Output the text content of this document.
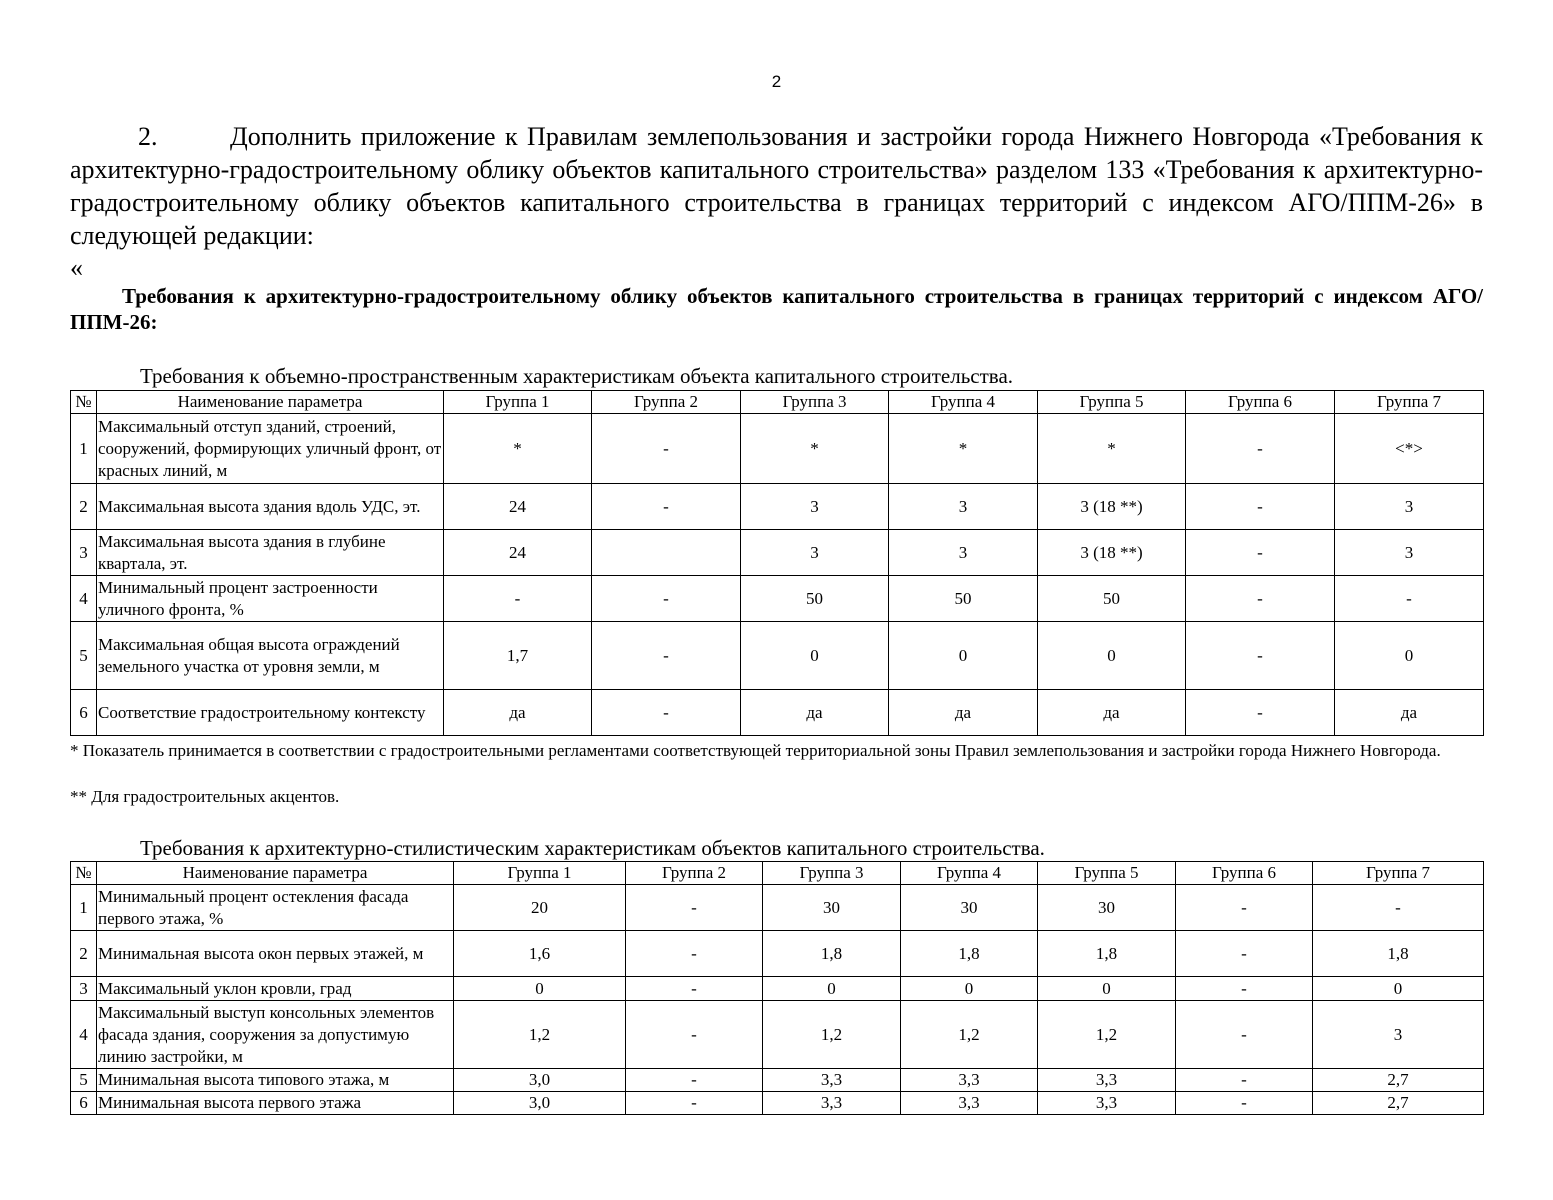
2

2.	Дополнить приложение к Правилам землепользования и застройки города Нижнего Новгорода «Требования к архитектурно-градостроительному облику объектов капитального строительства» разделом 133 «Требования к архитектурно-градостроительному облику объектов капитального строительства в границах территорий с индексом АГО/ППМ-26» в следующей редакции:

«

Требования к архитектурно-градостроительному облику объектов капитального строительства в границах территорий с индексом АГО/ППМ-26:

Требования к объемно-пространственным характеристикам объекта капитального строительства.
№	Наименование параметра	Группа 1	Группа 2	Группа 3	Группа 4	Группа 5	Группа 6	Группа 7
1	Максимальный отступ зданий, строений, сооружений, формирующих уличный фронт, от красных линий, м	*	-	*	*	*	-	<*>
2	Максимальная высота здания вдоль УДС, эт.	24	-	3	3	3 (18 **)	-	3
3	Максимальная высота здания в глубине квартала, эт.	24		3	3	3 (18 **)	-	3
4	Минимальный процент застроенности уличного фронта, %	-	-	50	50	50	-	-
5	Максимальная общая высота ограждений земельного участка от уровня земли, м	1,7	-	0	0	0	-	0
6	Соответствие градостроительному контексту	да	-	да	да	да	-	да

* Показатель принимается в соответствии с градостроительными регламентами соответствующей территориальной зоны Правил землепользования и застройки города Нижнего Новгорода.

** Для градостроительных акцентов.

Требования к архитектурно-стилистическим характеристикам объектов капитального строительства.
№	Наименование параметра	Группа 1	Группа 2	Группа 3	Группа 4	Группа 5	Группа 6	Группа 7
1	Минимальный процент остекления фасада первого этажа, %	20	-	30	30	30	-	-
2	Минимальная высота окон первых этажей, м	1,6	-	1,8	1,8	1,8	-	1,8
3	Максимальный уклон кровли, град	0	-	0	0	0	-	0
4	Максимальный выступ консольных элементов фасада здания, сооружения за допустимую линию застройки, м	1,2	-	1,2	1,2	1,2	-	3
5	Минимальная высота типового этажа, м	3,0	-	3,3	3,3	3,3	-	2,7
6	Минимальная высота первого этажа	3,0	-	3,3	3,3	3,3	-	2,7
